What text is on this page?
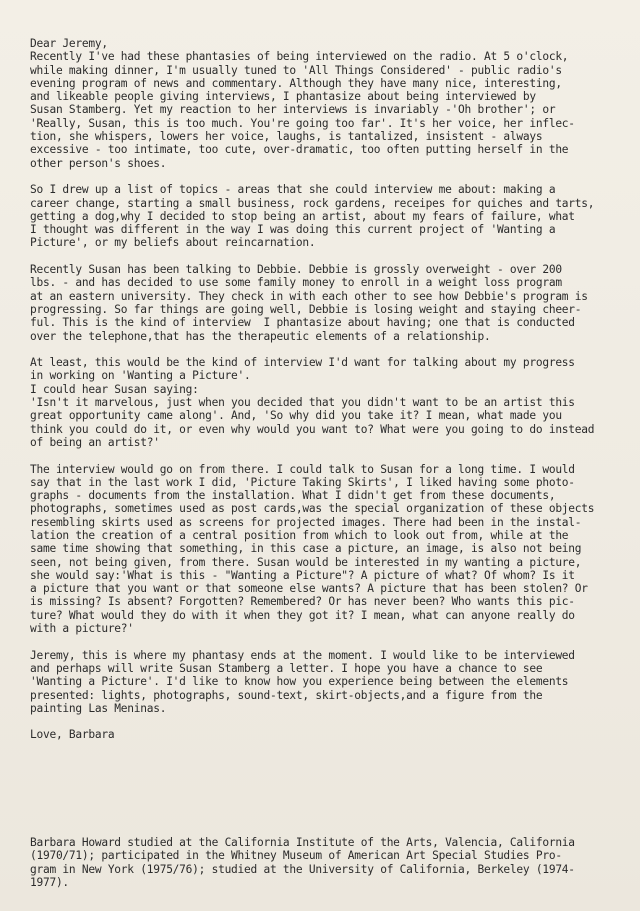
Dear Jeremy,
Recently I've had these phantasies of being interviewed on the radio. At 5 o'clock,
while making dinner, I'm usually tuned to 'All Things Considered' - public radio's
evening program of news and commentary. Although they have many nice, interesting,
and likeable people giving interviews, I phantasize about being interviewed by
Susan Stamberg. Yet my reaction to her interviews is invariably -'Oh brother'; or
'Really, Susan, this is too much. You're going too far'. It's her voice, her inflec-
tion, she whispers, lowers her voice, laughs, is tantalized, insistent - always
excessive - too intimate, too cute, over-dramatic, too often putting herself in the
other person's shoes.
So I drew up a list of topics - areas that she could interview me about: making a
career change, starting a small business, rock gardens, receipes for quiches and tarts,
getting a dog,why I decided to stop being an artist, about my fears of failure, what
I thought was different in the way I was doing this current project of 'Wanting a
Picture', or my beliefs about reincarnation.
Recently Susan has been talking to Debbie. Debbie is grossly overweight - over 200
lbs. - and has decided to use some family money to enroll in a weight loss program
at an eastern university. They check in with each other to see how Debbie's program is
progressing. So far things are going well, Debbie is losing weight and staying cheer-
ful. This is the kind of interview  I phantasize about having; one that is conducted
over the telephone,that has the therapeutic elements of a relationship.
At least, this would be the kind of interview I'd want for talking about my progress
in working on 'Wanting a Picture'.
I could hear Susan saying:
'Isn't it marvelous, just when you decided that you didn't want to be an artist this
great opportunity came along'. And, 'So why did you take it? I mean, what made you
think you could do it, or even why would you want to? What were you going to do instead
of being an artist?'
The interview would go on from there. I could talk to Susan for a long time. I would
say that in the last work I did, 'Picture Taking Skirts', I liked having some photo-
graphs - documents from the installation. What I didn't get from these documents,
photographs, sometimes used as post cards,was the special organization of these objects
resembling skirts used as screens for projected images. There had been in the instal-
lation the creation of a central position from which to look out from, while at the
same time showing that something, in this case a picture, an image, is also not being
seen, not being given, from there. Susan would be interested in my wanting a picture,
she would say:'What is this - "Wanting a Picture"? A picture of what? Of whom? Is it
a picture that you want or that someone else wants? A picture that has been stolen? Or
is missing? Is absent? Forgotten? Remembered? Or has never been? Who wants this pic-
ture? What would they do with it when they got it? I mean, what can anyone really do
with a picture?'
Jeremy, this is where my phantasy ends at the moment. I would like to be interviewed
and perhaps will write Susan Stamberg a letter. I hope you have a chance to see
'Wanting a Picture'. I'd like to know how you experience being between the elements
presented: lights, photographs, sound-text, skirt-objects,and a figure from the
painting Las Meninas.
Love, Barbara
Barbara Howard studied at the California Institute of the Arts, Valencia, California
(1970/71); participated in the Whitney Museum of American Art Special Studies Pro-
gram in New York (1975/76); studied at the University of California, Berkeley (1974-
1977).
